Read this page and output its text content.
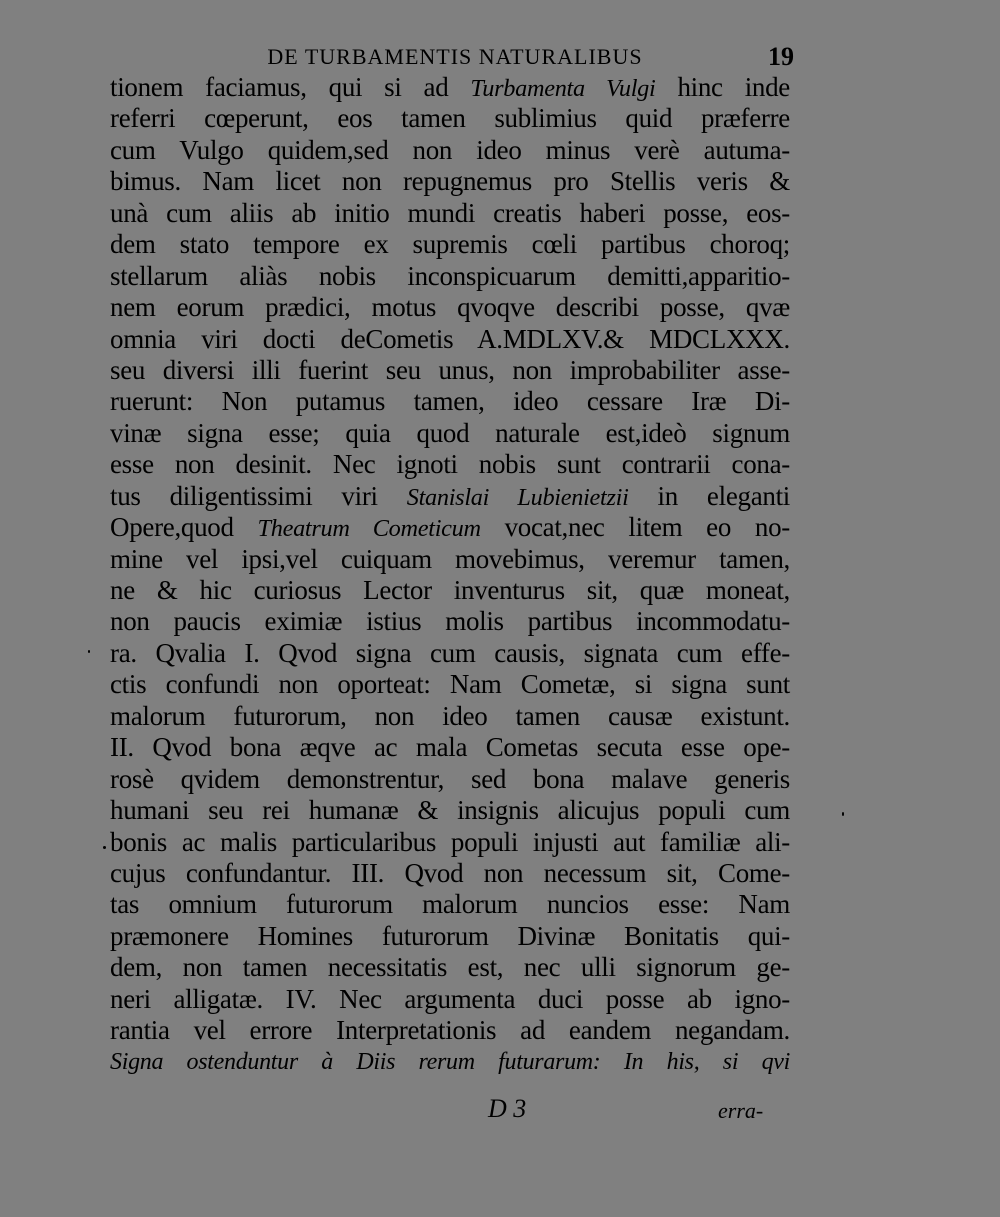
DE TURBAMENTIS NATURALIBUS	19
tionem faciamus, qui si ad Turbamenta Vulgi hinc inde
referri cœperunt, eos tamen sublimius quid præferre
cum Vulgo quidem,sed non ideo minus verè autuma-
bimus. Nam licet non repugnemus pro Stellis veris &
unà cum aliis ab initio mundi creatis haberi posse, eos-
dem stato tempore ex supremis cœli partibus choroq;
stellarum aliàs nobis inconspicuarum demitti,apparitio-
nem eorum prædici, motus qvoqve describi posse, qvæ
omnia viri docti deCometis A.MDLXV.& MDCLXXX.
seu diversi illi fuerint seu unus, non improbabiliter asse-
ruerunt: Non putamus tamen, ideo cessare Iræ Di-
vinæ signa esse; quia quod naturale est,ideò signum
esse non desinit. Nec ignoti nobis sunt contrarii cona-
tus diligentissimi viri Stanislai Lubienietzii in eleganti
Opere,quod Theatrum Cometicum vocat,nec litem eo no-
mine vel ipsi,vel cuiquam movebimus, veremur tamen,
ne & hic curiosus Lector inventurus sit, quæ moneat,
non paucis eximiæ istius molis partibus incommodatu-
ra. Qvalia I. Qvod signa cum causis, signata cum effe-
ctis confundi non oporteat: Nam Cometæ, si signa sunt
malorum futurorum, non ideo tamen causæ existunt.
II. Qvod bona æqve ac mala Cometas secuta esse ope-
rosè qvidem demonstrentur, sed bona malave generis
humani seu rei humanæ & insignis alicujus populi cum
bonis ac malis particularibus populi injusti aut familiæ ali-
cujus confundantur. III. Qvod non necessum sit, Come-
tas omnium futurorum malorum nuncios esse: Nam
præmonere Homines futurorum Divinæ Bonitatis qui-
dem, non tamen necessitatis est, nec ulli signorum ge-
neri alligatæ. IV. Nec argumenta duci posse ab igno-
rantia vel errore Interpretationis ad eandem negandam.
Signa ostenduntur à Diis rerum futurarum: In his, si qvi
D 3	erra-
